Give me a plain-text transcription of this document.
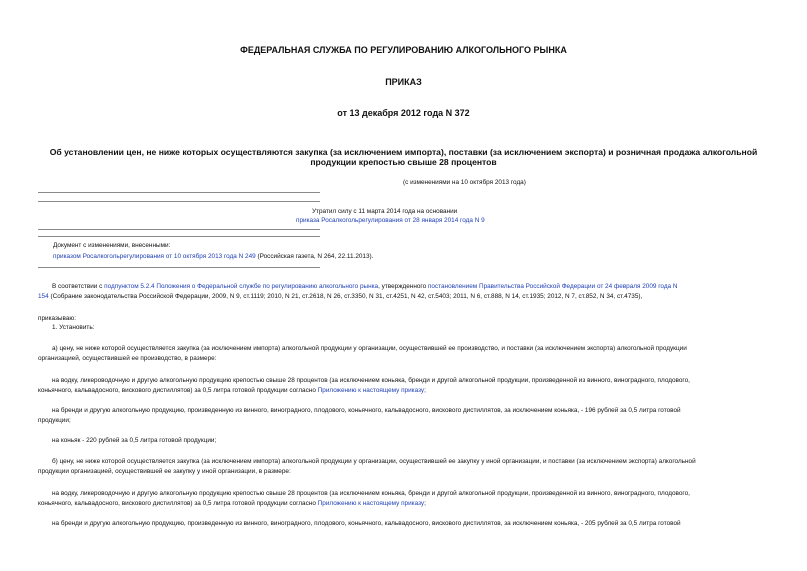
ФЕДЕРАЛЬНАЯ СЛУЖБА ПО РЕГУЛИРОВАНИЮ АЛКОГОЛЬНОГО РЫНКА
ПРИКАЗ
от 13 декабря 2012 года N 372
Об установлении цен, не ниже которых осуществляются закупка (за исключением импорта), поставки (за исключением экспорта) и розничная продажа алкогольной
продукции крепостью свыше 28 процентов
(с изменениями на 10 октября 2013 года)
Утратил силу с 11 марта 2014 года на основании
приказа Росалкогольрегулирования от 28 января 2014 года N 9
Документ с изменениями, внесенными:
приказом Росалкогольрегулирования от 10 октября 2013 года N 249 (Российская газета, N 264, 22.11.2013).
В соответствии с подпунктом 5.2.4 Положения о Федеральной службе по регулированию алкогольного рынка, утвержденного постановлением Правительства Российской Федерации от 24 февраля 2009 года N
154 (Собрание законодательства Российской Федерации, 2009, N 9, ст.1119; 2010, N 21, ст.2618, N 26, ст.3350, N 31, ст.4251, N 42, ст.5403; 2011, N 6, ст.888, N 14, ст.1935; 2012, N 7, ст.852, N 34, ст.4735),
приказываю:
1. Установить:
а) цену, не ниже которой осуществляется закупка (за исключением импорта) алкогольной продукции у организации, осуществившей ее производство, и поставки (за исключением экспорта) алкогольной продукции
организацией, осуществившей ее производство, в размере:
на водку, ликероводочную и другую алкогольную продукцию крепостью свыше 28 процентов (за исключением коньяка, бренди и другой алкогольной продукции, произведенной из винного, виноградного, плодового,
коньячного, кальвадосного, вискового дистиллятов) за 0,5 литра готовой продукции согласно Приложению к настоящему приказу;
на бренди и другую алкогольную продукцию, произведенную из винного, виноградного, плодового, коньячного, кальвадосного, вискового дистиллятов, за исключением коньяка, - 196 рублей за 0,5 литра готовой
продукции;
на коньяк - 220 рублей за 0,5 литра готовой продукции;
б) цену, не ниже которой осуществляется закупка (за исключением импорта) алкогольной продукции у организации, осуществившей ее закупку у иной организации, и поставки (за исключением экспорта) алкогольной
продукции организацией, осуществившей ее закупку у иной организации, в размере:
на водку, ликероводочную и другую алкогольную продукцию крепостью свыше 28 процентов (за исключением коньяка, бренди и другой алкогольной продукции, произведенной из винного, виноградного, плодового,
коньячного, кальвадосного, вискового дистиллятов) за 0,5 литра готовой продукции согласно Приложению к настоящему приказу;
на бренди и другую алкогольную продукцию, произведенную из винного, виноградного, плодового, коньячного, кальвадосного, вискового дистиллятов, за исключением коньяка, - 205 рублей за 0,5 литра готовой
